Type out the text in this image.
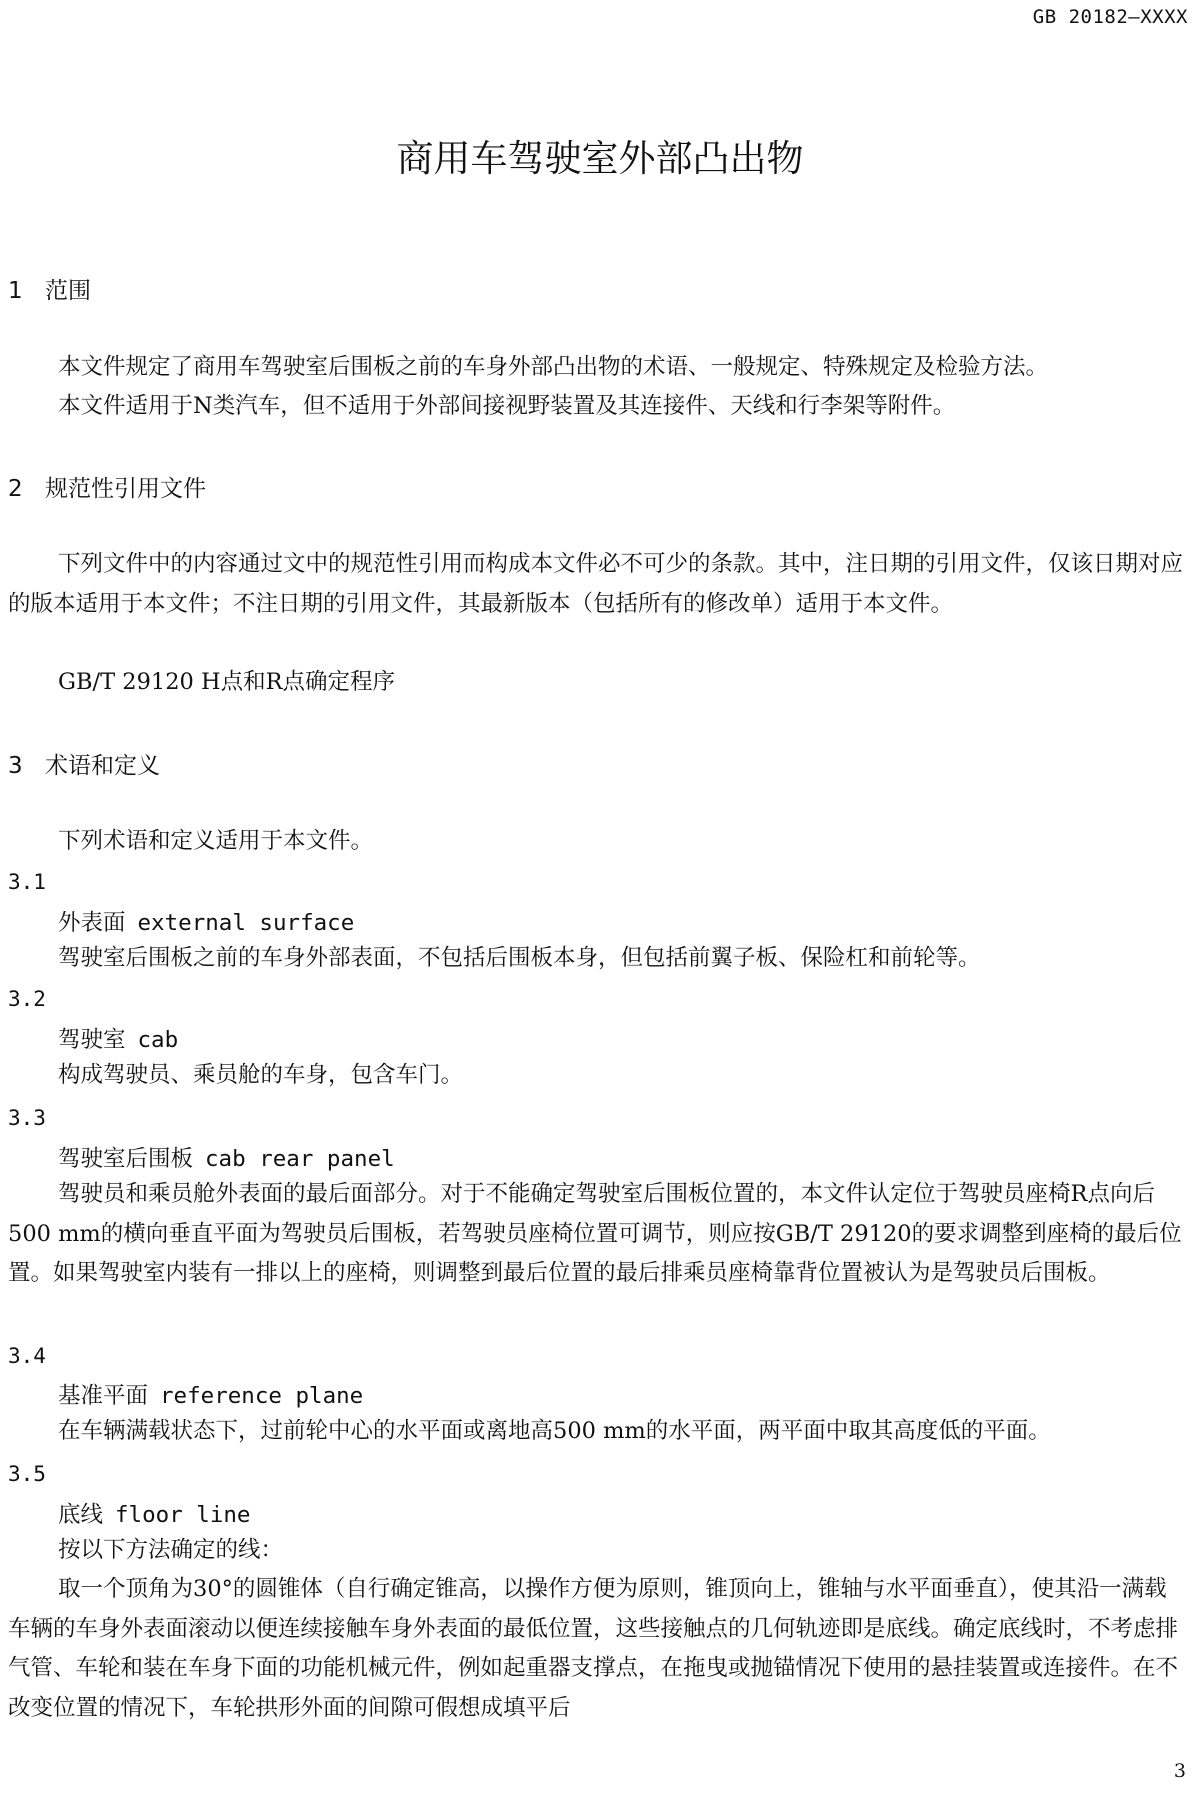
GB 20182—XXXX
商用车驾驶室外部凸出物
1 范围
本文件规定了商用车驾驶室后围板之前的车身外部凸出物的术语、一般规定、特殊规定及检验方法。
本文件适用于N类汽车，但不适用于外部间接视野装置及其连接件、天线和行李架等附件。
2 规范性引用文件
下列文件中的内容通过文中的规范性引用而构成本文件必不可少的条款。其中，注日期的引用文件，仅该日期对应的版本适用于本文件；不注日期的引用文件，其最新版本（包括所有的修改单）适用于本文件。
GB/T 29120 H点和R点确定程序
3 术语和定义
下列术语和定义适用于本文件。
3.1
外表面 external surface
驾驶室后围板之前的车身外部表面，不包括后围板本身，但包括前翼子板、保险杠和前轮等。
3.2
驾驶室 cab
构成驾驶员、乘员舱的车身，包含车门。
3.3
驾驶室后围板 cab rear panel
驾驶员和乘员舱外表面的最后面部分。对于不能确定驾驶室后围板位置的，本文件认定位于驾驶员座椅R点向后500 mm的横向垂直平面为驾驶员后围板，若驾驶员座椅位置可调节，则应按GB/T 29120的要求调整到座椅的最后位置。如果驾驶室内装有一排以上的座椅，则调整到最后位置的最后排乘员座椅靠背位置被认为是驾驶员后围板。
3.4
基准平面 reference plane
在车辆满载状态下，过前轮中心的水平面或离地高500 mm的水平面，两平面中取其高度低的平面。
3.5
底线 floor line
按以下方法确定的线：
取一个顶角为30°的圆锥体（自行确定锥高，以操作方便为原则，锥顶向上，锥轴与水平面垂直），使其沿一满载车辆的车身外表面滚动以便连续接触车身外表面的最低位置，这些接触点的几何轨迹即是底线。确定底线时，不考虑排气管、车轮和装在车身下面的功能机械元件，例如起重器支撑点，在拖曳或抛锚情况下使用的悬挂装置或连接件。在不改变位置的情况下，车轮拱形外面的间隙可假想成填平后
3
